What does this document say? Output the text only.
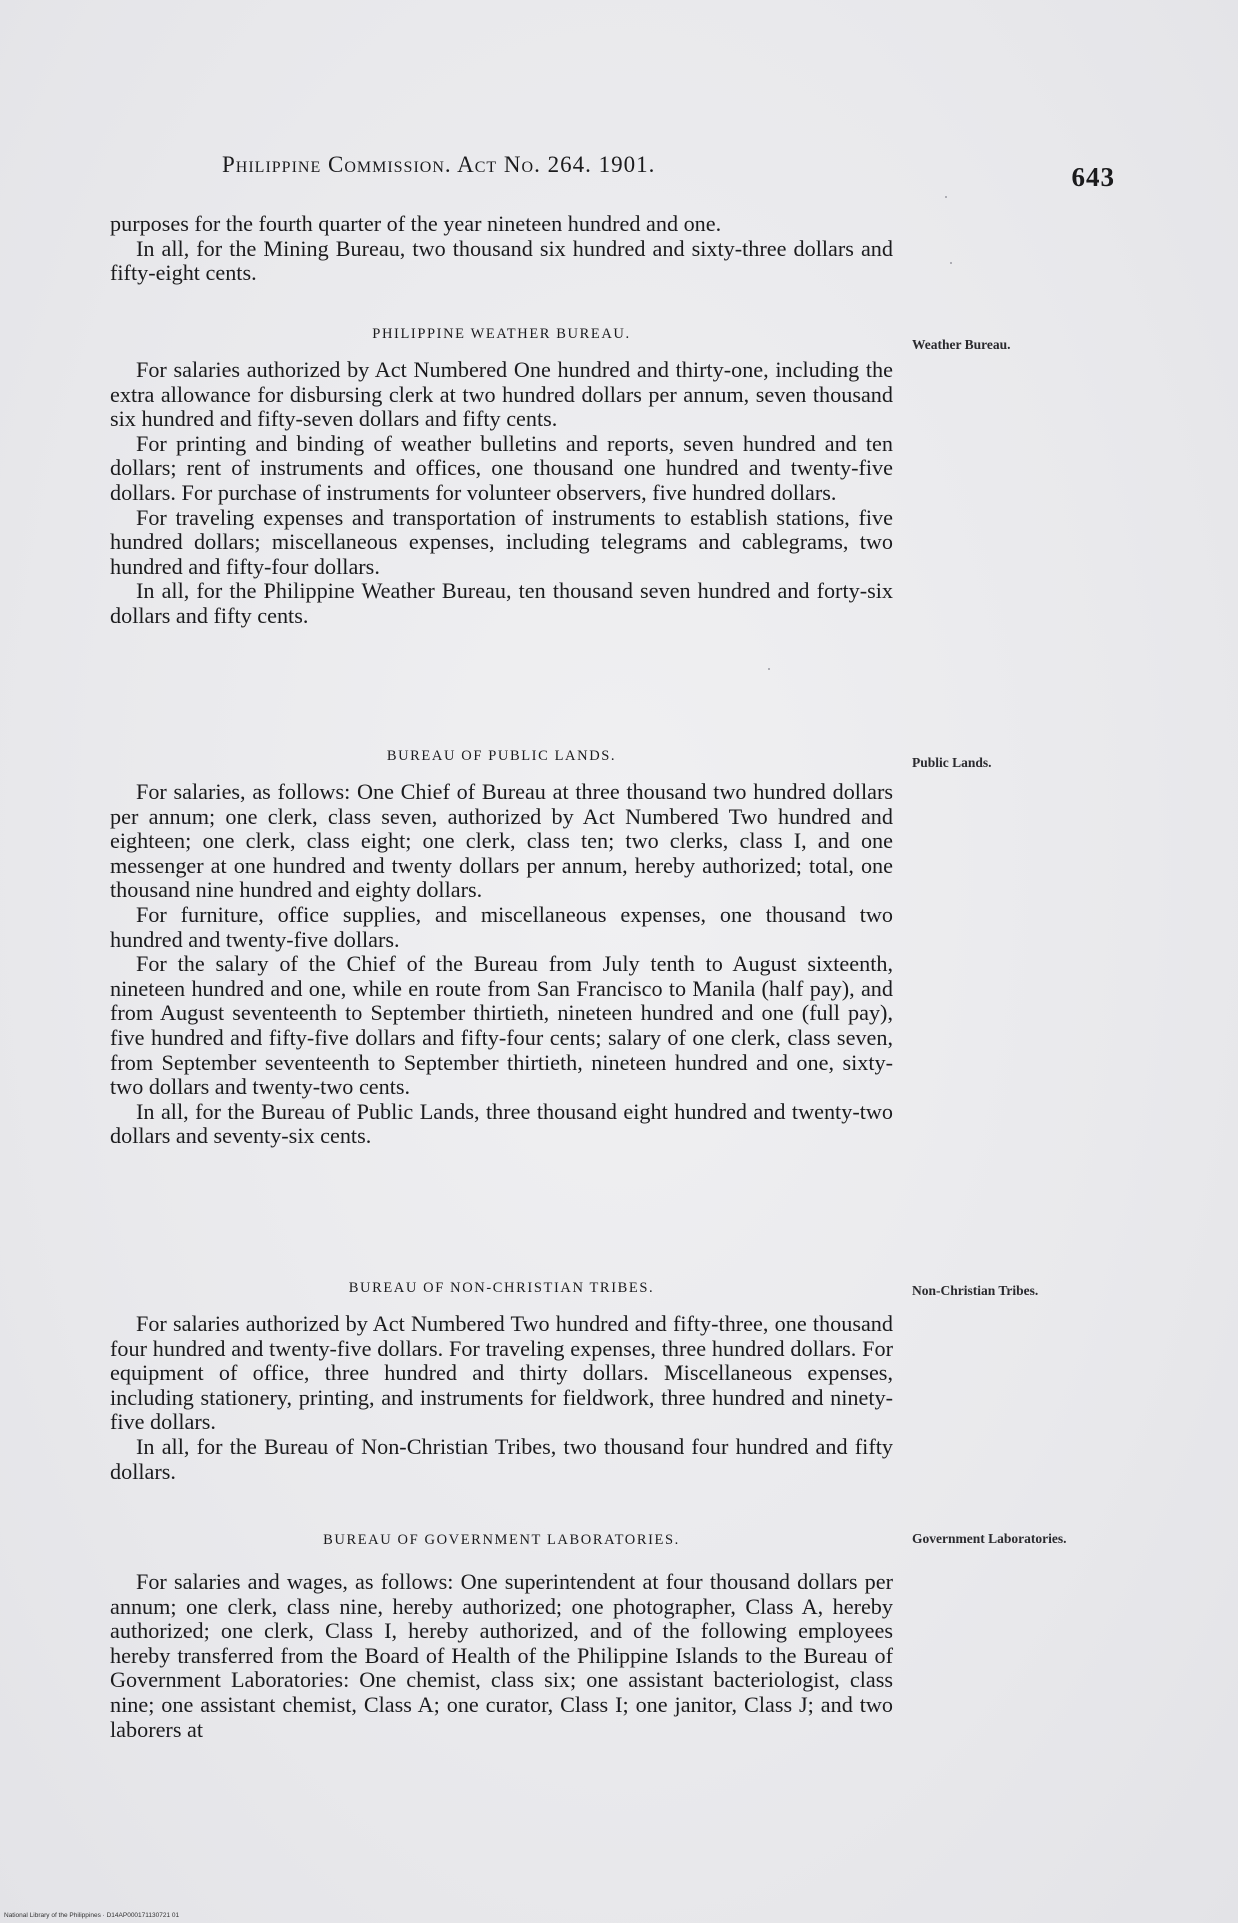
Philippine Commission. Act No. 264. 1901.	643

purposes for the fourth quarter of the year nineteen hundred and one.

In all, for the Mining Bureau, two thousand six hundred and sixty-three dollars and fifty-eight cents.

PHILIPPINE WEATHER BUREAU.
Weather Bureau.

For salaries authorized by Act Numbered One hundred and thirty-one, including the extra allowance for disbursing clerk at two hundred dollars per annum, seven thousand six hundred and fifty-seven dollars and fifty cents.

For printing and binding of weather bulletins and reports, seven hundred and ten dollars; rent of instruments and offices, one thousand one hundred and twenty-five dollars. For purchase of instruments for volunteer observers, five hundred dollars.

For traveling expenses and transportation of instruments to establish stations, five hundred dollars; miscellaneous expenses, including telegrams and cablegrams, two hundred and fifty-four dollars.

In all, for the Philippine Weather Bureau, ten thousand seven hundred and forty-six dollars and fifty cents.

BUREAU OF PUBLIC LANDS.	Public Lands.

For salaries, as follows: One Chief of Bureau at three thousand two hundred dollars per annum; one clerk, class seven, authorized by Act Numbered Two hundred and eighteen; one clerk, class eight; one clerk, class ten; two clerks, class I, and one messenger at one hundred and twenty dollars per annum, hereby authorized; total, one thousand nine hundred and eighty dollars.

For furniture, office supplies, and miscellaneous expenses, one thousand two hundred and twenty-five dollars.

For the salary of the Chief of the Bureau from July tenth to August sixteenth, nineteen hundred and one, while en route from San Francisco to Manila (half pay), and from August seventeenth to September thirtieth, nineteen hundred and one (full pay), five hundred and fifty-five dollars and fifty-four cents; salary of one clerk, class seven, from September seventeenth to September thirtieth, nineteen hundred and one, sixty-two dollars and twenty-two cents.

In all, for the Bureau of Public Lands, three thousand eight hundred and twenty-two dollars and seventy-six cents.

BUREAU OF NON-CHRISTIAN TRIBES.	Non-Christian Tribes.

For salaries authorized by Act Numbered Two hundred and fifty-three, one thousand four hundred and twenty-five dollars. For traveling expenses, three hundred dollars. For equipment of office, three hundred and thirty dollars. Miscellaneous expenses, including stationery, printing, and instruments for fieldwork, three hundred and ninety-five dollars.

In all, for the Bureau of Non-Christian Tribes, two thousand four hundred and fifty dollars.

BUREAU OF GOVERNMENT LABORATORIES.	Government Laboratories.

For salaries and wages, as follows: One superintendent at four thousand dollars per annum; one clerk, class nine, hereby authorized; one photographer, Class A, hereby authorized; one clerk, Class I, hereby authorized, and of the following employees hereby transferred from the Board of Health of the Philippine Islands to the Bureau of Government Laboratories: One chemist, class six; one assistant bacteriologist, class nine; one assistant chemist, Class A; one curator, Class I; one janitor, Class J; and two laborers at

National Library of the Philippines · D14AP000171130721 01
